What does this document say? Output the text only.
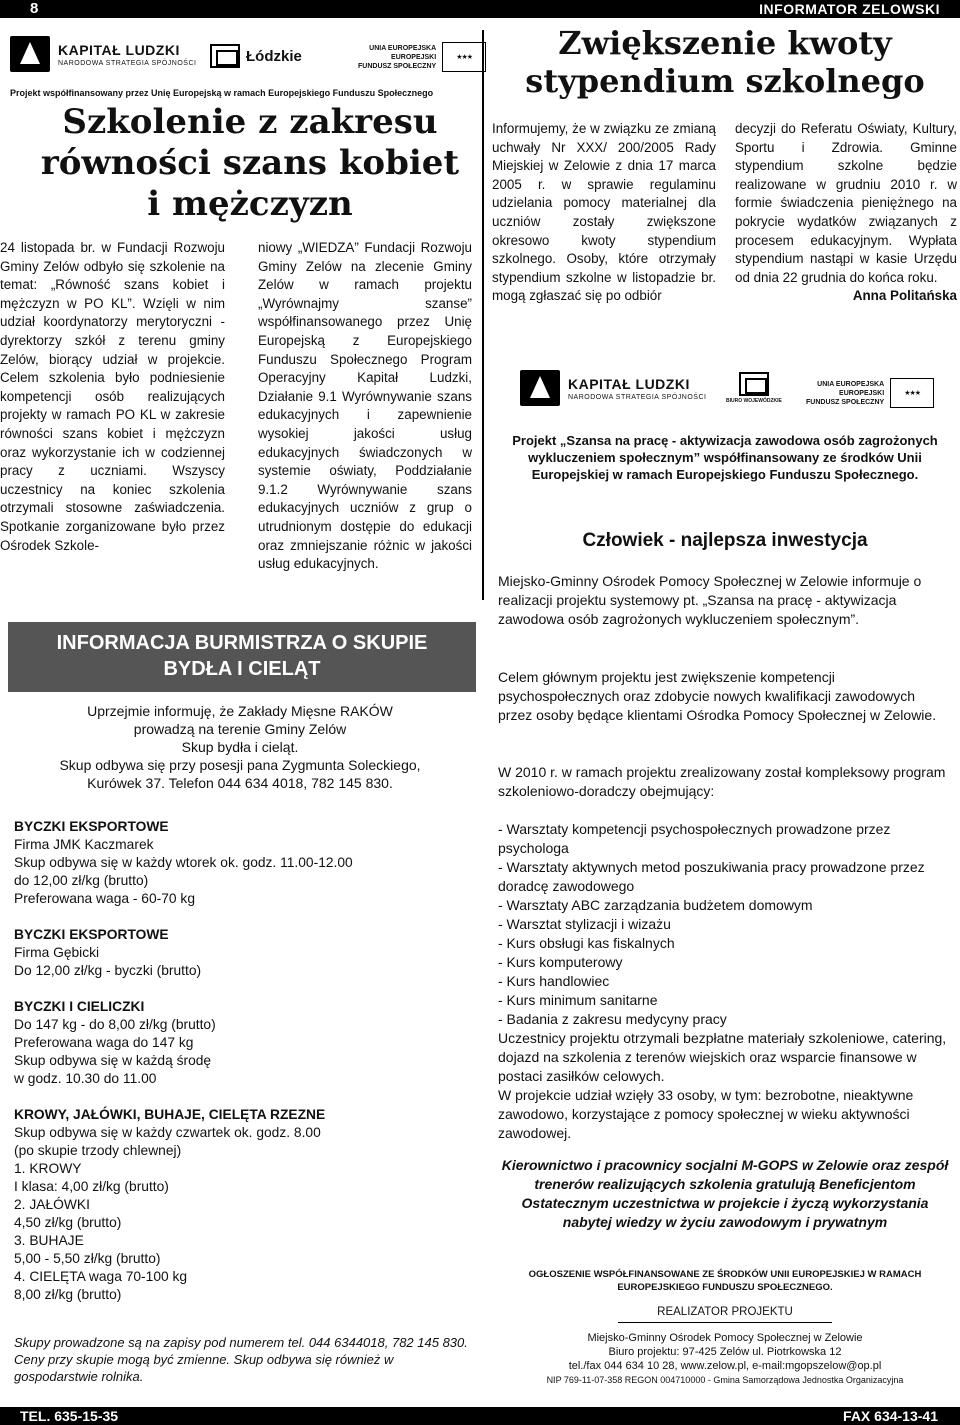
8	INFORMATOR ZELOWSKI
KAPITAŁ LUDZKI
NARODOWA STRATEGIA SPÓJNOŚCI	Łódzkie	UNIA EUROPEJSKA
EUROPEJSKI
FUNDUSZ SPOŁECZNY
★★★
Projekt współfinansowany przez Unię Europejską w ramach Europejskiego Funduszu Społecznego
Szkolenie z zakresu równości szans kobiet i mężczyzn

24 listopada br. w Fundacji Rozwoju Gminy Zelów odbyło się szkolenie na temat: „Równość szans kobiet i mężczyzn w PO KL”. Wzięli w nim udział koordynatorzy merytoryczni - dyrektorzy szkół z terenu gminy Zelów, biorący udział w projekcie. Celem szkolenia było podniesienie kompetencji osób realizujących projekty w ramach PO KL w zakresie równości szans kobiet i mężczyzn oraz wykorzystanie ich w codziennej pracy z uczniami. Wszyscy uczestnicy na koniec szkolenia otrzymali stosowne zaświadczenia. Spotkanie zorganizowane było przez Ośrodek Szkole-

niowy „WIEDZA” Fundacji Rozwoju Gminy Zelów na zlecenie Gminy Zelów w ramach projektu „Wyrównajmy szanse” współfinansowanego przez Unię Europejską z Europejskiego Funduszu Społecznego Program Operacyjny Kapitał Ludzki, Działanie 9.1 Wyrównywanie szans edukacyjnych i zapewnienie wysokiej jakości usług edukacyjnych świadczonych w systemie oświaty, Poddziałanie 9.1.2 Wyrównywanie szans edukacyjnych uczniów z grup o utrudnionym dostępie do edukacji oraz zmniejszanie różnic w jakości usług edukacyjnych.

INFORMACJA BURMISTRZA O SKUPIE
BYDŁA I CIELĄT
Uprzejmie informuję, że Zakłady Mięsne RAKÓW
prowadzą na terenie Gminy Zelów
Skup bydła i cieląt.
Skup odbywa się przy posesji pana Zygmunta Soleckiego,
Kurówek 37. Telefon 044 634 4018, 782 145 830.
BYCZKI EKSPORTOWE
Firma JMK Kaczmarek
Skup odbywa się w każdy wtorek ok. godz. 11.00-12.00
do 12,00 zł/kg (brutto)
Preferowana waga - 60-70 kg
BYCZKI EKSPORTOWE
Firma Gębicki
Do 12,00 zł/kg - byczki (brutto)
BYCZKI I CIELICZKI
Do 147 kg - do 8,00 zł/kg (brutto)
Preferowana waga do 147 kg
Skup odbywa się w każdą środę
w godz. 10.30 do 11.00
KROWY, JAŁÓWKI, BUHAJE, CIELĘTA RZEZNE
Skup odbywa się w każdy czwartek ok. godz. 8.00
(po skupie trzody chlewnej)
1. KROWY
I klasa: 4,00 zł/kg (brutto)
2. JAŁÓWKI
4,50 zł/kg (brutto)
3. BUHAJE
5,00 - 5,50 zł/kg (brutto)
4. CIELĘTA waga 70-100 kg
8,00 zł/kg (brutto)
Skupy prowadzone są na zapisy pod numerem tel. 044 6344018, 782 145 830. Ceny przy skupie mogą być zmienne. Skup odbywa się również w gospodarstwie rolnika.
Zwiększenie kwoty stypendium szkolnego

Informujemy, że w związku ze zmianą uchwały Nr XXX/ 200/2005 Rady Miejskiej w Zelowie z dnia 17 marca 2005 r. w sprawie regulaminu udzielania pomocy materialnej dla uczniów zostały zwiększone okresowo kwoty stypendium szkolnego. Osoby, które otrzymały stypendium szkolne w listopadzie br. mogą zgłaszać się po odbiór

decyzji do Referatu Oświaty, Kultury, Sportu i Zdrowia. Gminne stypendium szkolne będzie realizowane w grudniu 2010 r. w formie świadczenia pieniężnego na pokrycie wydatków związanych z procesem edukacyjnym. Wypłata stypendium nastąpi w kasie Urzędu od dnia 22 grudnia do końca roku.

Anna Politańska

KAPITAŁ LUDZKI
NARODOWA STRATEGIA SPÓJNOŚCI
BIURO WOJEWÓDZKIE
UNIA EUROPEJSKA
EUROPEJSKI
FUNDUSZ SPOŁECZNY
★★★
Projekt „Szansa na pracę - aktywizacja zawodowa osób zagrożonych wykluczeniem społecznym” współfinansowany ze środków Unii Europejskiej w ramach Europejskiego Funduszu Społecznego.
Człowiek - najlepsza inwestycja
Miejsko-Gminny Ośrodek Pomocy Społecznej w Zelowie informuje o realizacji projektu systemowy pt. „Szansa na pracę - aktywizacja zawodowa osób zagrożonych wykluczeniem społecznym”.
Celem głównym projektu jest zwiększenie kompetencji psychospołecznych oraz zdobycie nowych kwalifikacji zawodowych przez osoby będące klientami Ośrodka Pomocy Społecznej w Zelowie.
W 2010 r. w ramach projektu zrealizowany został kompleksowy program szkoleniowo-doradczy obejmujący:
- Warsztaty kompetencji psychospołecznych prowadzone przez psychologa
- Warsztaty aktywnych metod poszukiwania pracy prowadzone przez doradcę zawodowego
- Warsztaty ABC zarządzania budżetem domowym
- Warsztat stylizacji i wizażu
- Kurs obsługi kas fiskalnych
- Kurs komputerowy
- Kurs handlowiec
- Kurs minimum sanitarne
- Badania z zakresu medycyny pracy
Uczestnicy projektu otrzymali bezpłatne materiały szkoleniowe, catering, dojazd na szkolenia z terenów wiejskich oraz wsparcie finansowe w postaci zasiłków celowych.
W projekcie udział wzięły 33 osoby, w tym: bezrobotne, nieaktywne zawodowo, korzystające z pomocy społecznej w wieku aktywności zawodowej.
Kierownictwo i pracownicy socjalni M-GOPS w Zelowie oraz zespół trenerów realizujących szkolenia gratulują Beneficjentom Ostatecznym uczestnictwa w projekcie i życzą wykorzystania nabytej wiedzy w życiu zawodowym i prywatnym
OGŁOSZENIE WSPÓŁFINANSOWANE ZE ŚRODKÓW UNII EUROPEJSKIEJ W RAMACH EUROPEJSKIEGO FUNDUSZU SPOŁECZNEGO.
REALIZATOR PROJEKTU
Miejsko-Gminny Ośrodek Pomocy Społecznej w Zelowie
Biuro projektu: 97-425 Zelów ul. Piotrkowska 12
tel./fax 044 634 10 28, www.zelow.pl, e-mail:mgopszelow@op.pl
NIP 769-11-07-358 REGON 004710000 - Gmina Samorządowa Jednostka Organizacyjna
TEL. 635-15-35	FAX 634-13-41
